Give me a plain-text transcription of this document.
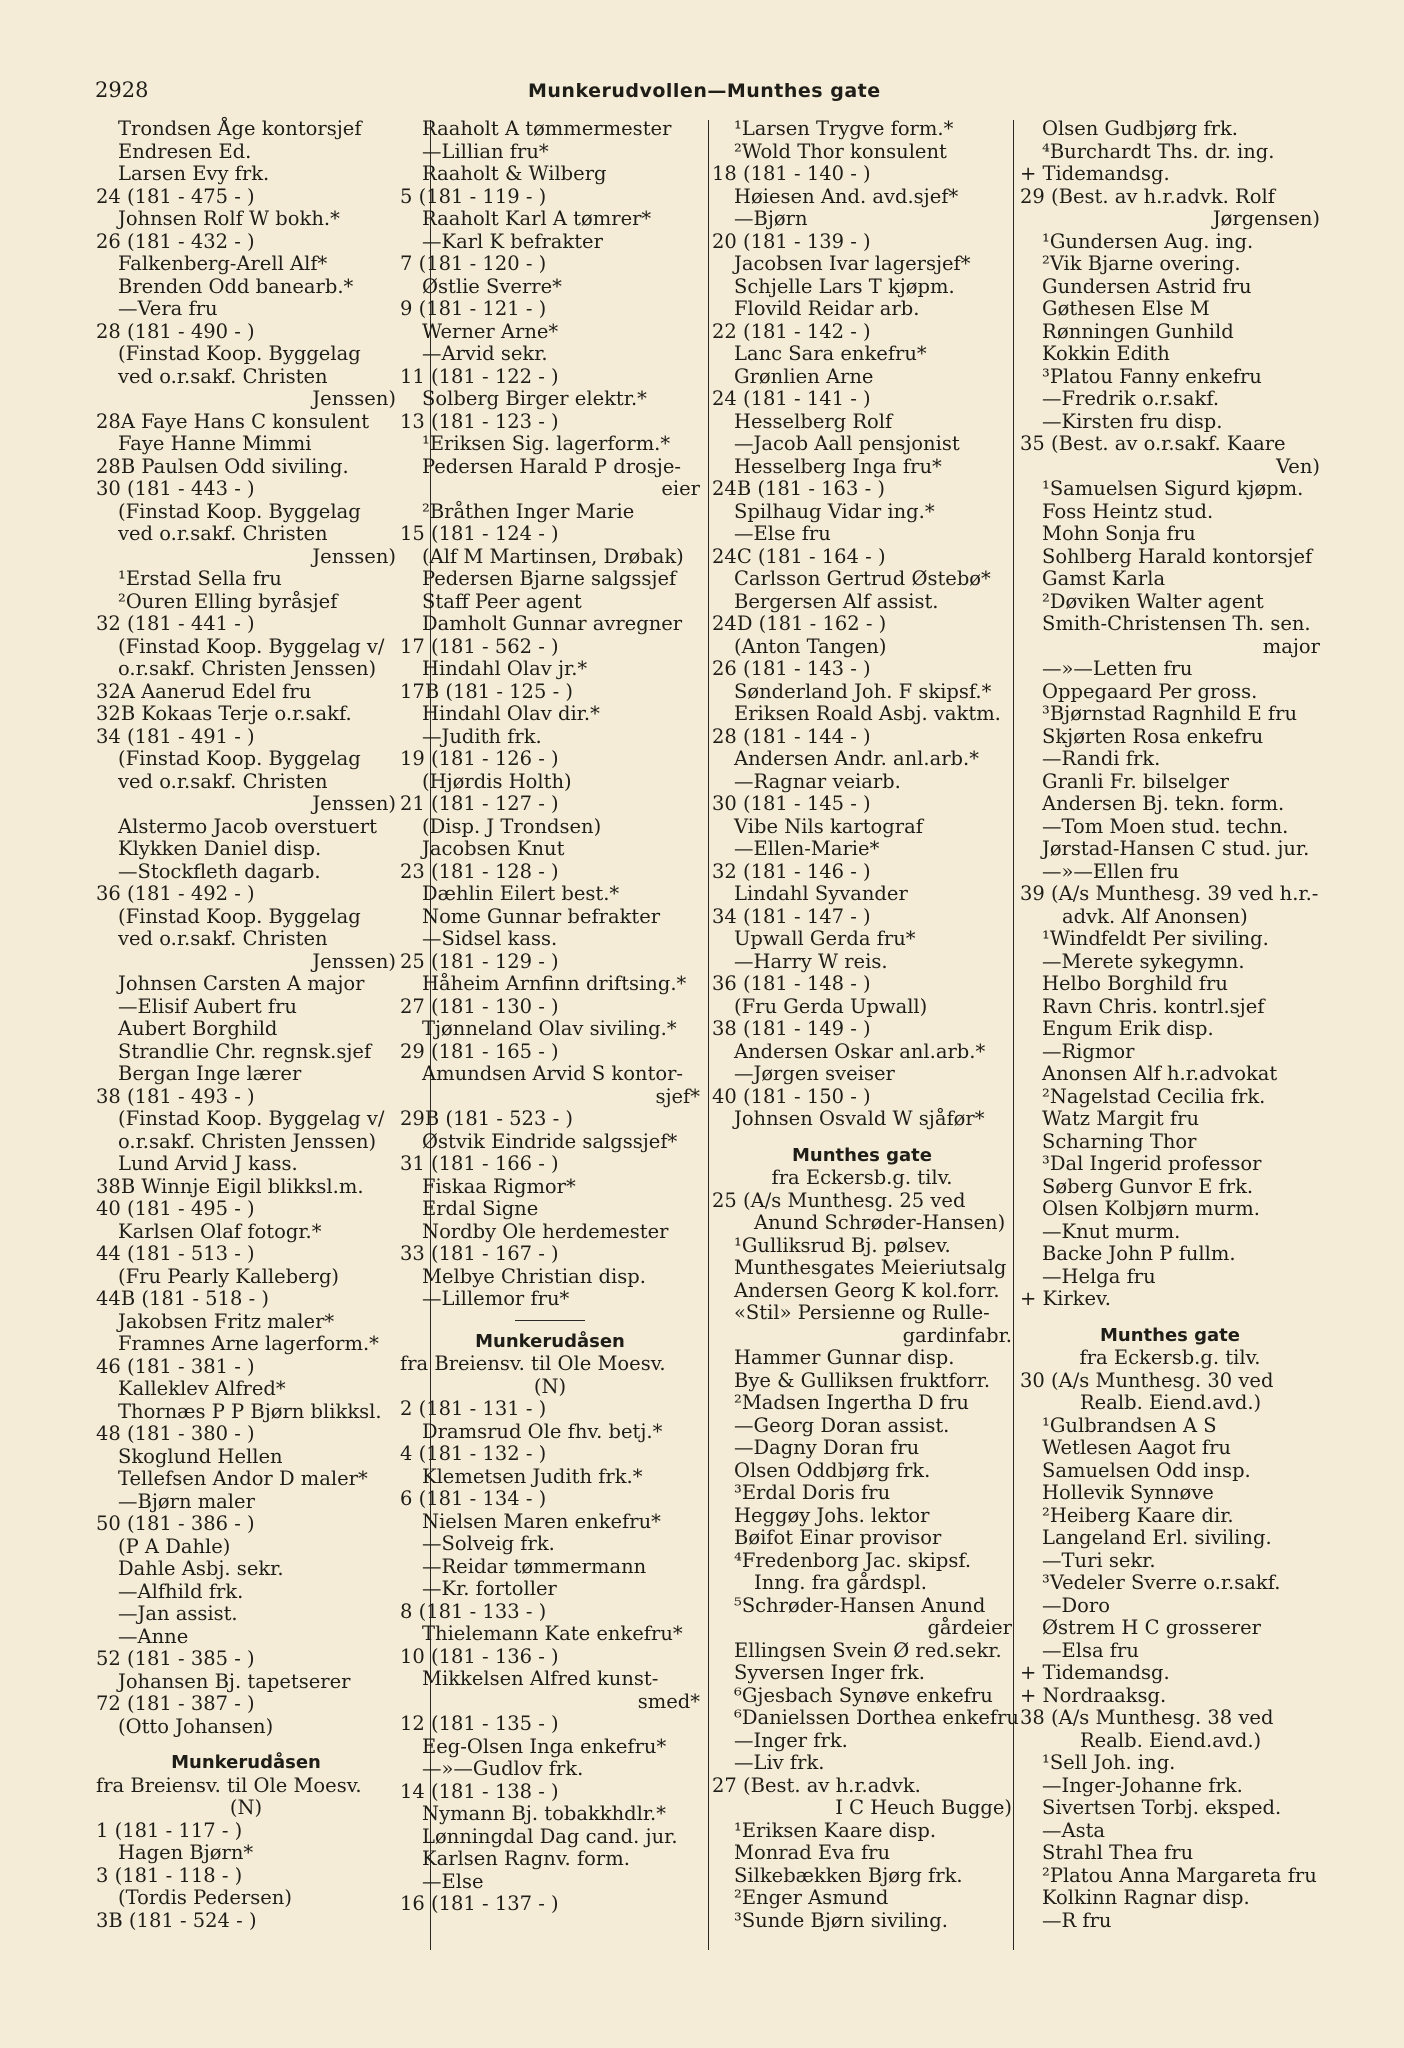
2928	Munkerudvollen—Munthes gate
Trondsen Åge kontorsjef
Endresen Ed.
Larsen Evy frk.
24 (181 - 475 - )
Johnsen Rolf W bokh.*
26 (181 - 432 - )
Falkenberg-Arell Alf*
Brenden Odd banearb.*
—Vera fru
28 (181 - 490 - )
(Finstad Koop. Byggelag
ved o.r.sakf. Christen
Jenssen)
28A Faye Hans C konsulent
Faye Hanne Mimmi
28B Paulsen Odd siviling.
30 (181 - 443 - )
(Finstad Koop. Byggelag
ved o.r.sakf. Christen
Jenssen)
¹Erstad Sella fru
²Ouren Elling byråsjef
32 (181 - 441 - )
(Finstad Koop. Byggelag v/
o.r.sakf. Christen Jenssen)
32A Aanerud Edel fru
32B Kokaas Terje o.r.sakf.
34 (181 - 491 - )
(Finstad Koop. Byggelag
ved o.r.sakf. Christen
Jenssen)
Alstermo Jacob overstuert
Klykken Daniel disp.
—Stockfleth dagarb.
36 (181 - 492 - )
(Finstad Koop. Byggelag
ved o.r.sakf. Christen
Jenssen)
Johnsen Carsten A major
—Elisif Aubert fru
Aubert Borghild
Strandlie Chr. regnsk.sjef
Bergan Inge lærer
38 (181 - 493 - )
(Finstad Koop. Byggelag v/
o.r.sakf. Christen Jenssen)
Lund Arvid J kass.
38B Winnje Eigil blikksl.m.
40 (181 - 495 - )
Karlsen Olaf fotogr.*
44 (181 - 513 - )
(Fru Pearly Kalleberg)
44B (181 - 518 - )
Jakobsen Fritz maler*
Framnes Arne lagerform.*
46 (181 - 381 - )
Kalleklev Alfred*
Thornæs P P Bjørn blikksl.
48 (181 - 380 - )
Skoglund Hellen
Tellefsen Andor D maler*
—Bjørn maler
50 (181 - 386 - )
(P A Dahle)
Dahle Asbj. sekr.
—Alfhild frk.
—Jan assist.
—Anne
52 (181 - 385 - )
Johansen Bj. tapetserer
72 (181 - 387 - )
(Otto Johansen)
Munkerudåsen
fra Breiensv. til Ole Moesv.
(N)
1 (181 - 117 - )
Hagen Bjørn*
3 (181 - 118 - )
(Tordis Pedersen)
3B (181 - 524 - )
Raaholt A tømmermester
—Lillian fru*
Raaholt & Wilberg
5 (181 - 119 - )
Raaholt Karl A tømrer*
—Karl K befrakter
7 (181 - 120 - )
Østlie Sverre*
9 (181 - 121 - )
Werner Arne*
—Arvid sekr.
11 (181 - 122 - )
Solberg Birger elektr.*
13 (181 - 123 - )
¹Eriksen Sig. lagerform.*
Pedersen Harald P drosje-
eier
²Bråthen Inger Marie
15 (181 - 124 - )
(Alf M Martinsen, Drøbak)
Pedersen Bjarne salgssjef
Staff Peer agent
Damholt Gunnar avregner
17 (181 - 562 - )
Hindahl Olav jr.*
17B (181 - 125 - )
Hindahl Olav dir.*
—Judith frk.
19 (181 - 126 - )
(Hjørdis Holth)
21 (181 - 127 - )
(Disp. J Trondsen)
Jacobsen Knut
23 (181 - 128 - )
Dæhlin Eilert best.*
Nome Gunnar befrakter
—Sidsel kass.
25 (181 - 129 - )
Håheim Arnfinn driftsing.*
27 (181 - 130 - )
Tjønneland Olav siviling.*
29 (181 - 165 - )
Amundsen Arvid S kontor-
sjef*
29B (181 - 523 - )
Østvik Eindride salgssjef*
31 (181 - 166 - )
Fiskaa Rigmor*
Erdal Signe
Nordby Ole herdemester
33 (181 - 167 - )
Melbye Christian disp.
—Lillemor fru*
Munkerudåsen
fra Breiensv. til Ole Moesv.
(N)
2 (181 - 131 - )
Dramsrud Ole fhv. betj.*
4 (181 - 132 - )
Klemetsen Judith frk.*
6 (181 - 134 - )
Nielsen Maren enkefru*
—Solveig frk.
—Reidar tømmermann
—Kr. fortoller
8 (181 - 133 - )
Thielemann Kate enkefru*
10 (181 - 136 - )
Mikkelsen Alfred kunst-
smed*
12 (181 - 135 - )
Eeg-Olsen Inga enkefru*
—»—Gudlov frk.
14 (181 - 138 - )
Nymann Bj. tobakkhdlr.*
Lønningdal Dag cand. jur.
Karlsen Ragnv. form.
—Else
16 (181 - 137 - )
¹Larsen Trygve form.*
²Wold Thor konsulent
18 (181 - 140 - )
Høiesen And. avd.sjef*
—Bjørn
20 (181 - 139 - )
Jacobsen Ivar lagersjef*
Schjelle Lars T kjøpm.
Flovild Reidar arb.
22 (181 - 142 - )
Lanc Sara enkefru*
Grønlien Arne
24 (181 - 141 - )
Hesselberg Rolf
—Jacob Aall pensjonist
Hesselberg Inga fru*
24B (181 - 163 - )
Spilhaug Vidar ing.*
—Else fru
24C (181 - 164 - )
Carlsson Gertrud Østebø*
Bergersen Alf assist.
24D (181 - 162 - )
(Anton Tangen)
26 (181 - 143 - )
Sønderland Joh. F skipsf.*
Eriksen Roald Asbj. vaktm.
28 (181 - 144 - )
Andersen Andr. anl.arb.*
—Ragnar veiarb.
30 (181 - 145 - )
Vibe Nils kartograf
—Ellen-Marie*
32 (181 - 146 - )
Lindahl Syvander
34 (181 - 147 - )
Upwall Gerda fru*
—Harry W reis.
36 (181 - 148 - )
(Fru Gerda Upwall)
38 (181 - 149 - )
Andersen Oskar anl.arb.*
—Jørgen sveiser
40 (181 - 150 - )
Johnsen Osvald W sjåfør*
Munthes gate
fra Eckersb.g. tilv.
25 (A/s Munthesg. 25 ved
Anund Schrøder-Hansen)
¹Gulliksrud Bj. pølsev.
Munthesgates Meieriutsalg
Andersen Georg K kol.forr.
«Stil» Persienne og Rulle-
gardinfabr.
Hammer Gunnar disp.
Bye & Gulliksen fruktforr.
²Madsen Ingertha D fru
—Georg Doran assist.
—Dagny Doran fru
Olsen Oddbjørg frk.
³Erdal Doris fru
Heggøy Johs. lektor
Bøifot Einar provisor
⁴Fredenborg Jac. skipsf.
Inng. fra gårdspl.
⁵Schrøder-Hansen Anund
gårdeier
Ellingsen Svein Ø red.sekr.
Syversen Inger frk.
⁶Gjesbach Synøve enkefru
⁶Danielssen Dorthea enkefru
—Inger frk.
—Liv frk.
27 (Best. av h.r.advk.
I C Heuch Bugge)
¹Eriksen Kaare disp.
Monrad Eva fru
Silkebækken Bjørg frk.
²Enger Asmund
³Sunde Bjørn siviling.
Olsen Gudbjørg frk.
⁴Burchardt Ths. dr. ing.
+ Tidemandsg.
29 (Best. av h.r.advk. Rolf
Jørgensen)
¹Gundersen Aug. ing.
²Vik Bjarne overing.
Gundersen Astrid fru
Gøthesen Else M
Rønningen Gunhild
Kokkin Edith
³Platou Fanny enkefru
—Fredrik o.r.sakf.
—Kirsten fru disp.
35 (Best. av o.r.sakf. Kaare
Ven)
¹Samuelsen Sigurd kjøpm.
Foss Heintz stud.
Mohn Sonja fru
Sohlberg Harald kontorsjef
Gamst Karla
²Døviken Walter agent
Smith-Christensen Th. sen.
major
—»—Letten fru
Oppegaard Per gross.
³Bjørnstad Ragnhild E fru
Skjørten Rosa enkefru
—Randi frk.
Granli Fr. bilselger
Andersen Bj. tekn. form.
—Tom Moen stud. techn.
Jørstad-Hansen C stud. jur.
—»—Ellen fru
39 (A/s Munthesg. 39 ved h.r.-
advk. Alf Anonsen)
¹Windfeldt Per siviling.
—Merete sykegymn.
Helbo Borghild fru
Ravn Chris. kontrl.sjef
Engum Erik disp.
—Rigmor
Anonsen Alf h.r.advokat
²Nagelstad Cecilia frk.
Watz Margit fru
Scharning Thor
³Dal Ingerid professor
Søberg Gunvor E frk.
Olsen Kolbjørn murm.
—Knut murm.
Backe John P fullm.
—Helga fru
+ Kirkev.
Munthes gate
fra Eckersb.g. tilv.
30 (A/s Munthesg. 30 ved
Realb. Eiend.avd.)
¹Gulbrandsen A S
Wetlesen Aagot fru
Samuelsen Odd insp.
Hollevik Synnøve
²Heiberg Kaare dir.
Langeland Erl. siviling.
—Turi sekr.
³Vedeler Sverre o.r.sakf.
—Doro
Østrem H C grosserer
—Elsa fru
+ Tidemandsg.
+ Nordraaksg.
38 (A/s Munthesg. 38 ved
Realb. Eiend.avd.)
¹Sell Joh. ing.
—Inger-Johanne frk.
Sivertsen Torbj. eksped.
—Asta
Strahl Thea fru
²Platou Anna Margareta fru
Kolkinn Ragnar disp.
—R fru
